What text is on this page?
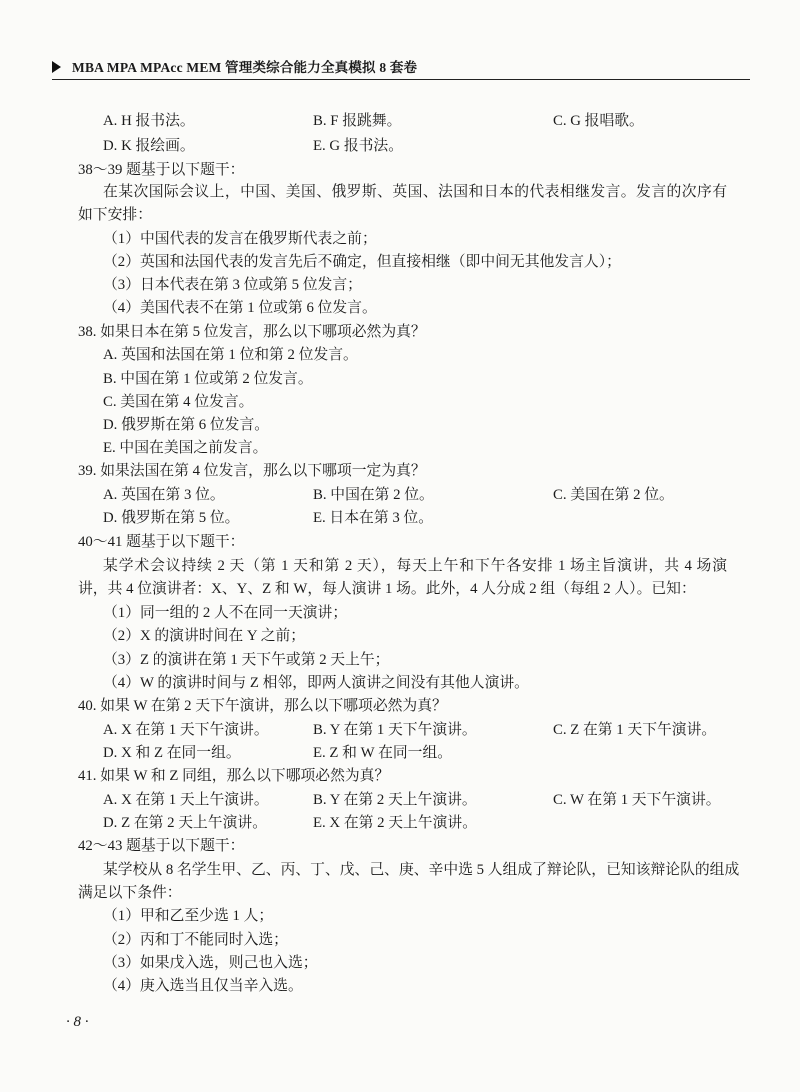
MBA MPA MPAcc MEM 管理类综合能力全真模拟 8 套卷
A. H 报书法。	B. F 报跳舞。	C. G 报唱歌。
D. K 报绘画。	E. G 报书法。
38～39 题基于以下题干：
在某次国际会议上，中国、美国、俄罗斯、英国、法国和日本的代表相继发言。发言的次序有
如下安排：
（1）中国代表的发言在俄罗斯代表之前；
（2）英国和法国代表的发言先后不确定，但直接相继（即中间无其他发言人）；
（3）日本代表在第 3 位或第 5 位发言；
（4）美国代表不在第 1 位或第 6 位发言。
38. 如果日本在第 5 位发言，那么以下哪项必然为真？
A. 英国和法国在第 1 位和第 2 位发言。
B. 中国在第 1 位或第 2 位发言。
C. 美国在第 4 位发言。
D. 俄罗斯在第 6 位发言。
E. 中国在美国之前发言。
39. 如果法国在第 4 位发言，那么以下哪项一定为真？
A. 英国在第 3 位。	B. 中国在第 2 位。	C. 美国在第 2 位。
D. 俄罗斯在第 5 位。	E. 日本在第 3 位。
40～41 题基于以下题干：
某学术会议持续 2 天（第 1 天和第 2 天），每天上午和下午各安排 1 场主旨演讲，共 4 场演
讲，共 4 位演讲者：X、Y、Z 和 W，每人演讲 1 场。此外，4 人分成 2 组（每组 2 人）。已知：
（1）同一组的 2 人不在同一天演讲；
（2）X 的演讲时间在 Y 之前；
（3）Z 的演讲在第 1 天下午或第 2 天上午；
（4）W 的演讲时间与 Z 相邻，即两人演讲之间没有其他人演讲。
40. 如果 W 在第 2 天下午演讲，那么以下哪项必然为真？
A. X 在第 1 天下午演讲。	B. Y 在第 1 天下午演讲。	C. Z 在第 1 天下午演讲。
D. X 和 Z 在同一组。	E. Z 和 W 在同一组。
41. 如果 W 和 Z 同组，那么以下哪项必然为真？
A. X 在第 1 天上午演讲。	B. Y 在第 2 天上午演讲。	C. W 在第 1 天下午演讲。
D. Z 在第 2 天上午演讲。	E. X 在第 2 天上午演讲。
42～43 题基于以下题干：
某学校从 8 名学生甲、乙、丙、丁、戊、己、庚、辛中选 5 人组成了辩论队，已知该辩论队的组成
满足以下条件：
（1）甲和乙至少选 1 人；
（2）丙和丁不能同时入选；
（3）如果戊入选，则己也入选；
（4）庚入选当且仅当辛入选。
· 8 ·
